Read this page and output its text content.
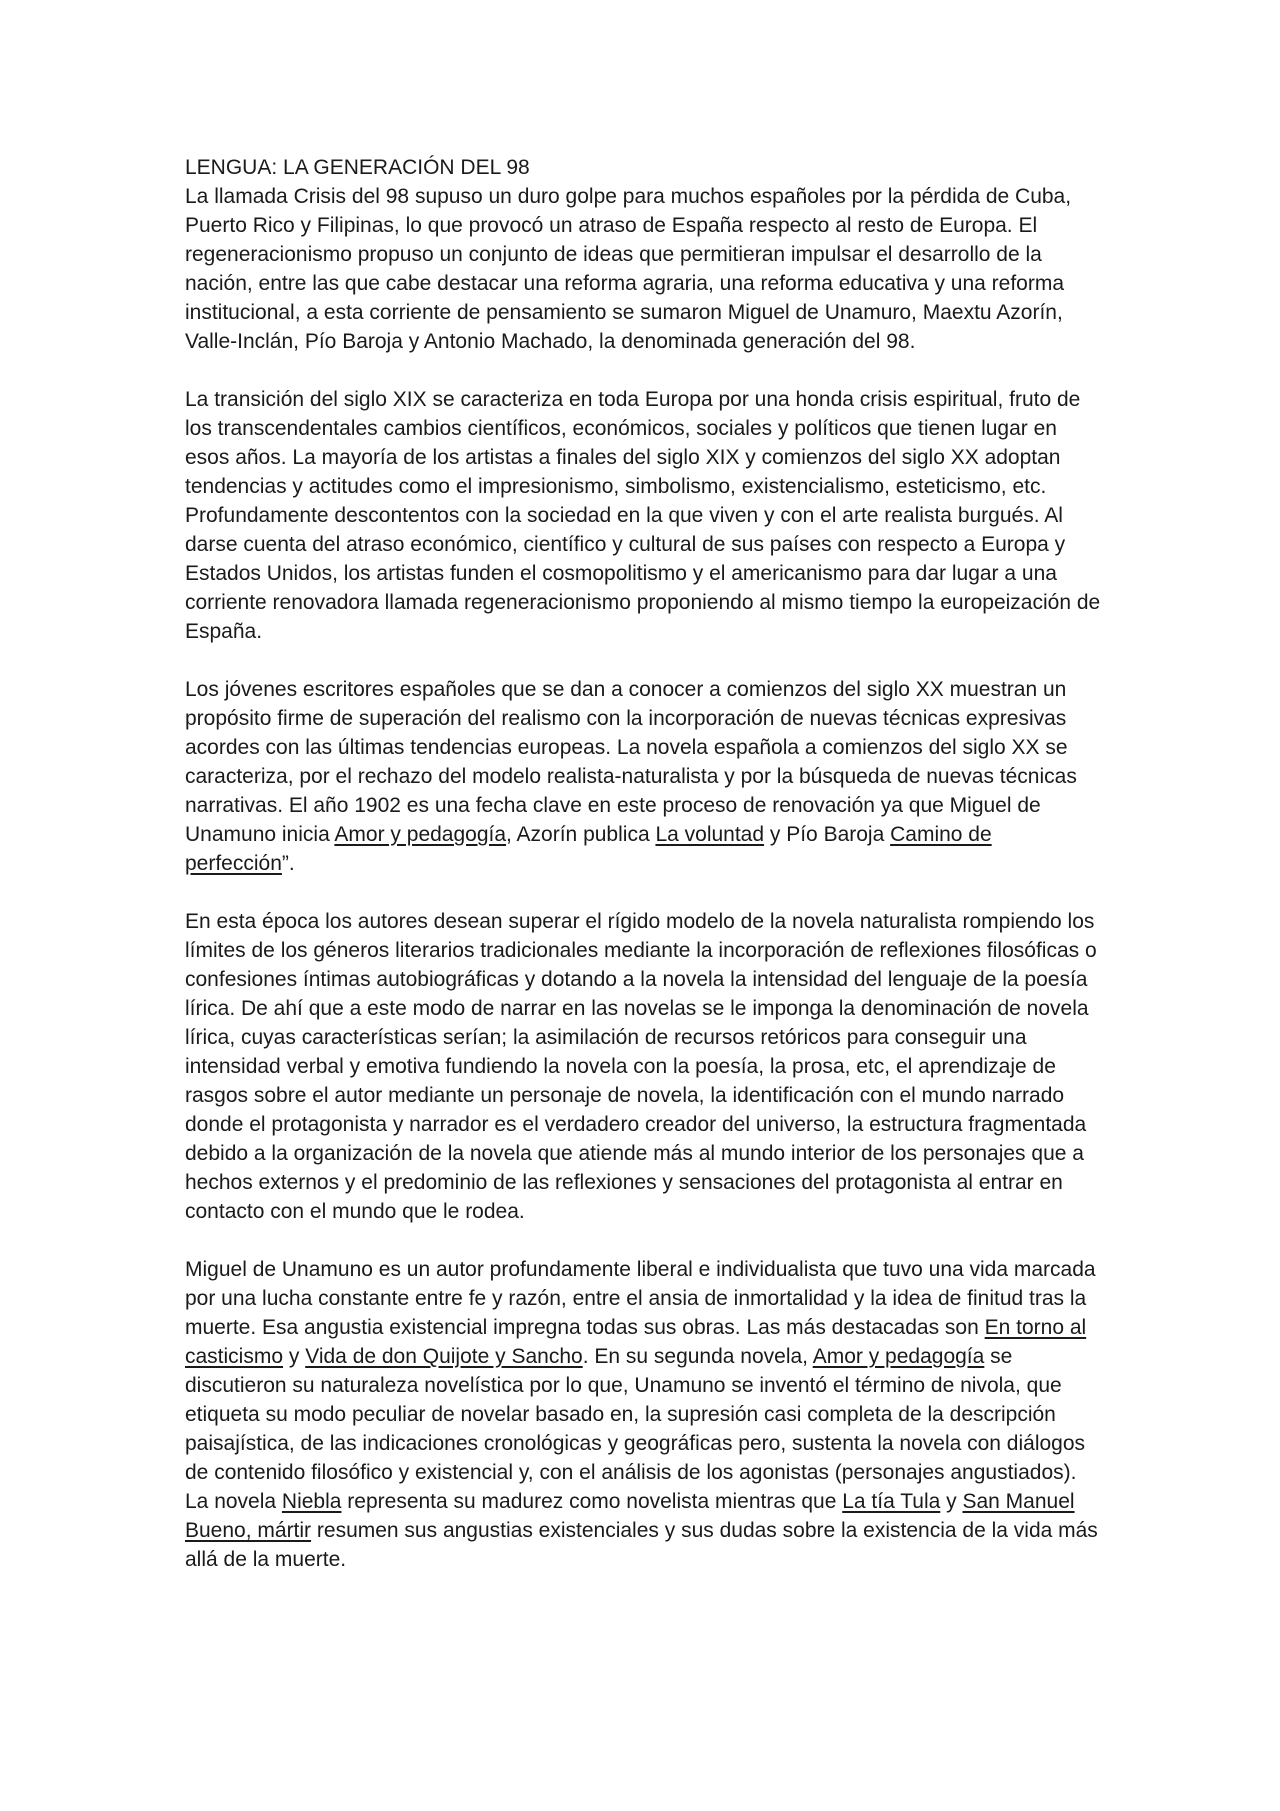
LENGUA: LA GENERACIÓN DEL 98

La llamada Crisis del 98 supuso un duro golpe para muchos españoles por la pérdida de Cuba, Puerto Rico y Filipinas, lo que provocó un atraso de España respecto al resto de Europa. El regeneracionismo propuso un conjunto de ideas que permitieran impulsar el desarrollo de la nación, entre las que cabe destacar una reforma agraria, una reforma educativa y una reforma institucional, a esta corriente de pensamiento se sumaron Miguel de Unamuro, Maextu Azorín, Valle-Inclán, Pío Baroja y Antonio Machado, la denominada generación del 98.

La transición del siglo XIX se caracteriza en toda Europa por una honda crisis espiritual, fruto de los transcendentales cambios científicos, económicos, sociales y políticos que tienen lugar en esos años. La mayoría de los artistas a finales del siglo XIX y comienzos del siglo XX adoptan tendencias y actitudes como el impresionismo, simbolismo, existencialismo, esteticismo, etc. Profundamente descontentos con la sociedad en la que viven y con el arte realista burgués. Al darse cuenta del atraso económico, científico y cultural de sus países con respecto a Europa y Estados Unidos, los artistas funden el cosmopolitismo y el americanismo para dar lugar a una corriente renovadora llamada regeneracionismo proponiendo al mismo tiempo la europeización de España.

Los jóvenes escritores españoles que se dan a conocer a comienzos del siglo XX muestran un propósito firme de superación del realismo con la incorporación de nuevas técnicas expresivas acordes con las últimas tendencias europeas. La novela española a comienzos del siglo XX se caracteriza, por el rechazo del modelo realista-naturalista y por la búsqueda de nuevas técnicas narrativas. El año 1902 es una fecha clave en este proceso de renovación ya que Miguel de Unamuno inicia Amor y pedagogía, Azorín publica La voluntad y Pío Baroja Camino de perfección”.

En esta época los autores desean superar el rígido modelo de la novela naturalista rompiendo los límites de los géneros literarios tradicionales mediante la incorporación de reflexiones filosóficas o confesiones íntimas autobiográficas y dotando a la novela la intensidad del lenguaje de la poesía lírica. De ahí que a este modo de narrar en las novelas se le imponga la denominación de novela lírica, cuyas características serían; la asimilación de recursos retóricos para conseguir una intensidad verbal y emotiva fundiendo la novela con la poesía, la prosa, etc, el aprendizaje de rasgos sobre el autor mediante un personaje de novela, la identificación con el mundo narrado donde el protagonista y narrador es el verdadero creador del universo, la estructura fragmentada debido a la organización de la novela que atiende más al mundo interior de los personajes que a hechos externos y el predominio de las reflexiones y sensaciones del protagonista al entrar en contacto con el mundo que le rodea.

Miguel de Unamuno es un autor profundamente liberal e individualista que tuvo una vida marcada por una lucha constante entre fe y razón, entre el ansia de inmortalidad y la idea de finitud tras la muerte. Esa angustia existencial impregna todas sus obras. Las más destacadas son En torno al casticismo y Vida de don Quijote y Sancho. En su segunda novela, Amor y pedagogía se discutieron su naturaleza novelística por lo que, Unamuno se inventó el término de nivola, que etiqueta su modo peculiar de novelar basado en, la supresión casi completa de la descripción paisajística, de las indicaciones cronológicas y geográficas pero, sustenta la novela con diálogos de contenido filosófico y existencial y, con el análisis de los agonistas (personajes angustiados). La novela Niebla representa su madurez como novelista mientras que La tía Tula y San Manuel Bueno, mártir resumen sus angustias existenciales y sus dudas sobre la existencia de la vida más allá de la muerte.
